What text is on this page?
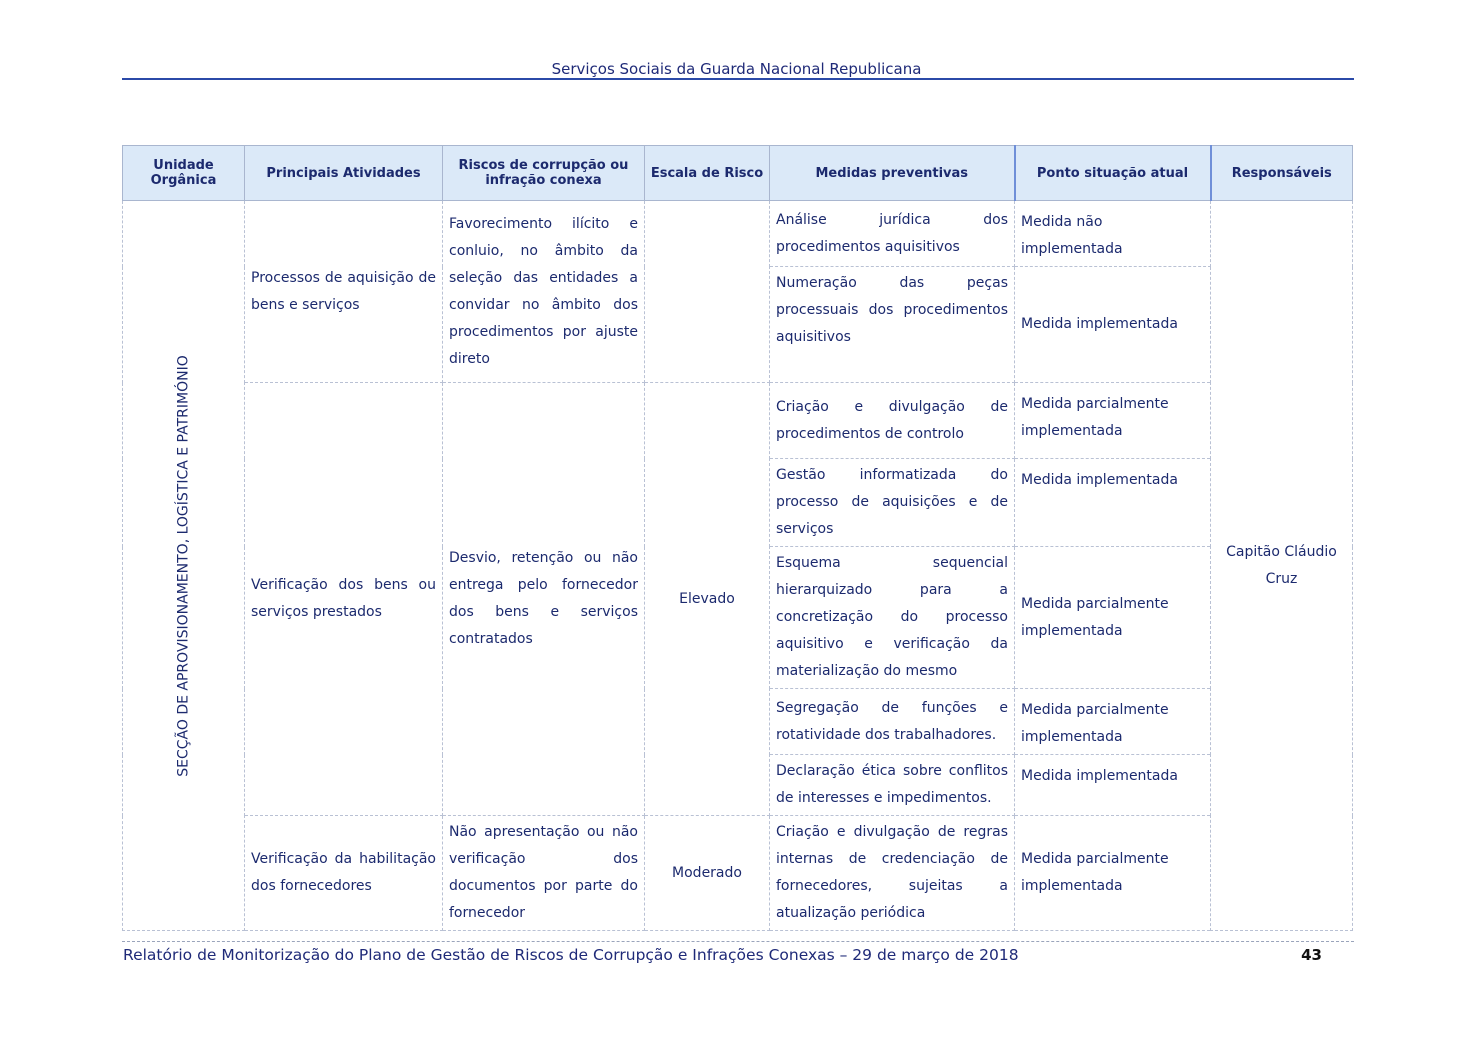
Serviços Sociais da Guarda Nacional Republicana
Unidade Orgânica	Principais Atividades	Riscos de corrupção ou infração conexa	Escala de Risco	Medidas preventivas	Ponto situação atual	Responsáveis

SECÇÃO DE APROVISIONAMENTO, LOGÍSTICA E PATRIMÓNIO	Processos de aquisição de bens e serviços	Favorecimento ilícito e conluio, no âmbito da seleção das entidades a convidar no âmbito dos procedimentos por ajuste direto		Análise jurídica dos procedimentos aquisitivos	Medida não implementada	Capitão Cláudio Cruz
				Numeração das peças processuais dos procedimentos aquisitivos	Medida implementada	
	Verificação dos bens ou serviços prestados	Desvio, retenção ou não entrega pelo fornecedor dos bens e serviços contratados	Elevado	Criação e divulgação de procedimentos de controlo	Medida parcialmente implementada	
				Gestão informatizada do processo de aquisições e de serviços	Medida implementada	
				Esquema sequencial hierarquizado para a concretização do processo aquisitivo e verificação da materialização do mesmo	Medida parcialmente implementada	
				Segregação de funções e rotatividade dos trabalhadores.	Medida parcialmente implementada	
				Declaração ética sobre conflitos de interesses e impedimentos.	Medida implementada	
	Verificação da habilitação dos fornecedores	Não apresentação ou não verificação dos documentos por parte do fornecedor	Moderado	Criação e divulgação de regras internas de credenciação de fornecedores, sujeitas a atualização periódica	Medida parcialmente implementada	
Relatório de Monitorização do Plano de Gestão de Riscos de Corrupção e Infrações Conexas – 29 de março de 2018	43
